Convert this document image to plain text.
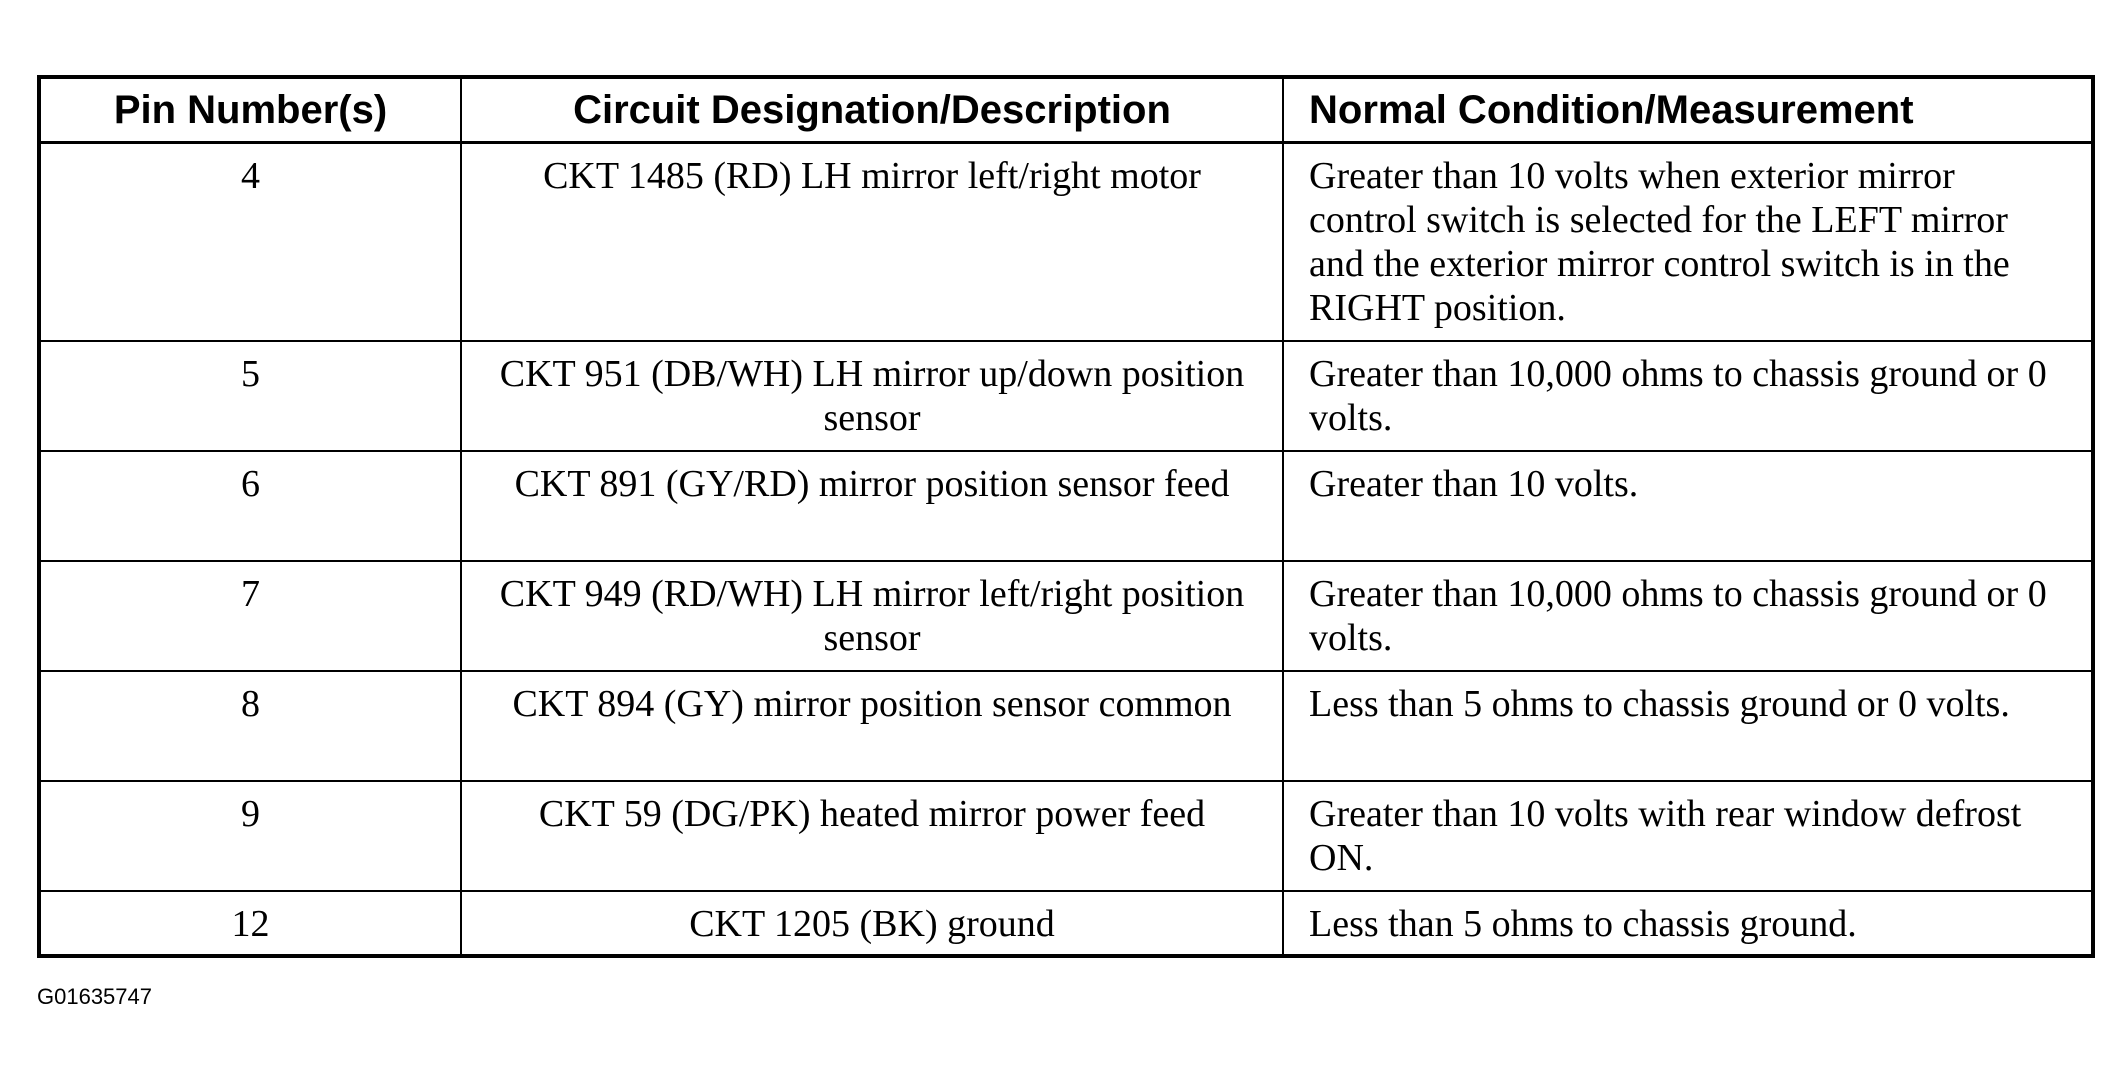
Pin Number(s)	Circuit Designation/Description	Normal Condition/Measurement
4	CKT 1485 (RD) LH mirror left/right motor	Greater than 10 volts when exterior mirror control switch is selected for the LEFT mirror and the exterior mirror control switch is in the RIGHT position.
5	CKT 951 (DB/WH) LH mirror up/down position sensor	Greater than 10,000 ohms to chassis ground or 0 volts.
6	CKT 891 (GY/RD) mirror position sensor feed	Greater than 10 volts.
7	CKT 949 (RD/WH) LH mirror left/right position sensor	Greater than 10,000 ohms to chassis ground or 0 volts.
8	CKT 894 (GY) mirror position sensor common	Less than 5 ohms to chassis ground or 0 volts.
9	CKT 59 (DG/PK) heated mirror power feed	Greater than 10 volts with rear window defrost ON.
12	CKT 1205 (BK) ground	Less than 5 ohms to chassis ground.
G01635747
